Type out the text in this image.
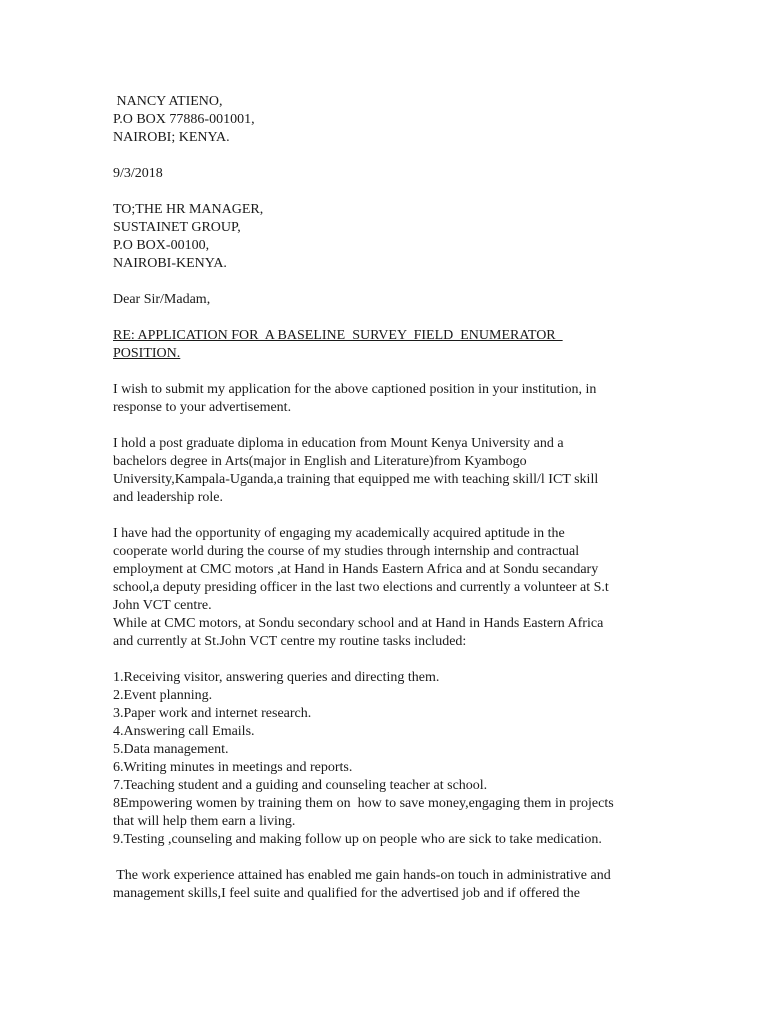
NANCY ATIENO,
P.O BOX 77886-001001,
NAIROBI; KENYA.
9/3/2018
TO;THE HR MANAGER,
SUSTAINET GROUP,
P.O BOX-00100,
NAIROBI-KENYA.
Dear Sir/Madam,
RE: APPLICATION FOR  A BASELINE  SURVEY  FIELD  ENUMERATOR
POSITION.
I wish to submit my application for the above captioned position in your institution, in
response to your advertisement.
I hold a post graduate diploma in education from Mount Kenya University and a
bachelors degree in Arts(major in English and Literature)from Kyambogo
University,Kampala-Uganda,a training that equipped me with teaching skill/l ICT skill
and leadership role.
I have had the opportunity of engaging my academically acquired aptitude in the
cooperate world during the course of my studies through internship and contractual
employment at CMC motors ,at Hand in Hands Eastern Africa and at Sondu secandary
school,a deputy presiding officer in the last two elections and currently a volunteer at S.t
John VCT centre.
While at CMC motors, at Sondu secondary school and at Hand in Hands Eastern Africa
and currently at St.John VCT centre my routine tasks included:
1.Receiving visitor, answering queries and directing them.
2.Event planning.
3.Paper work and internet research.
4.Answering call Emails.
5.Data management.
6.Writing minutes in meetings and reports.
7.Teaching student and a guiding and counseling teacher at school.
8Empowering women by training them on  how to save money,engaging them in projects
that will help them earn a living.
9.Testing ,counseling and making follow up on people who are sick to take medication.
The work experience attained has enabled me gain hands-on touch in administrative and
management skills,I feel suite and qualified for the advertised job and if offered the
